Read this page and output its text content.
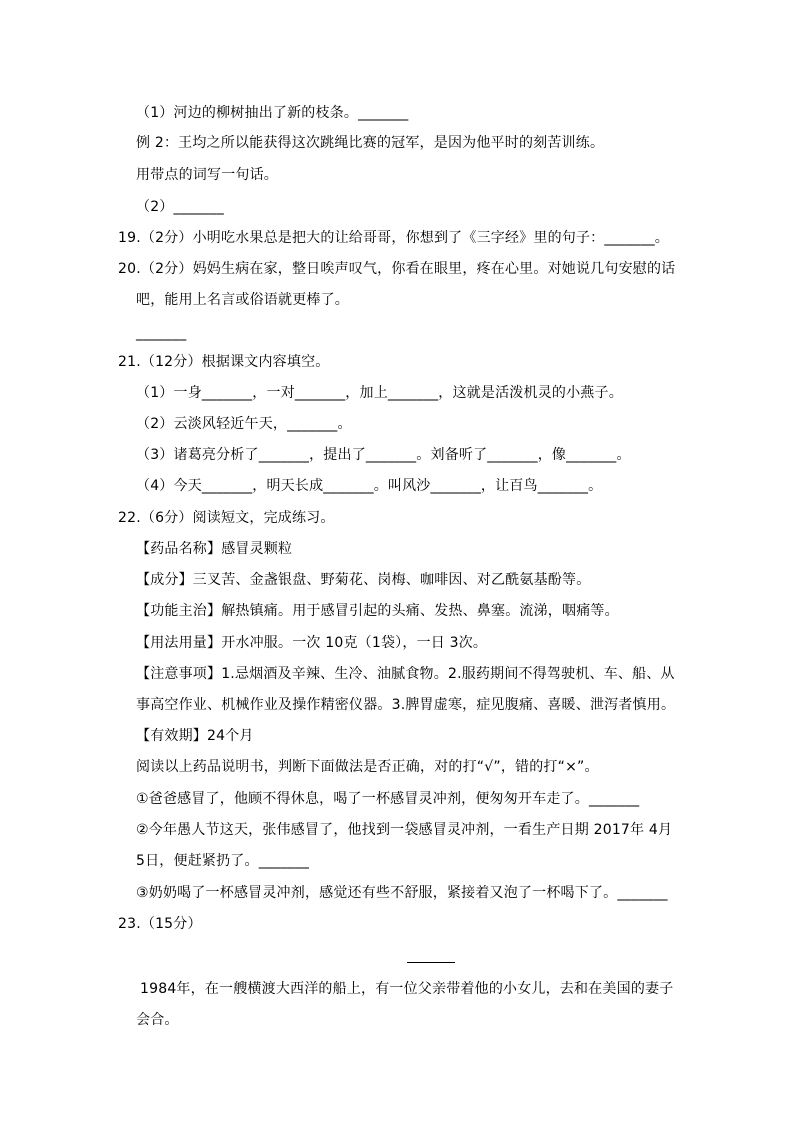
（1）河边的柳树抽出了新的枝条。_______
例 2：王均之所以能获得这次跳绳比赛的冠军，是因为他平时的刻苦训练。
用带点的词写一句话。
（2）_______
19.（2分）小明吃水果总是把大的让给哥哥，你想到了《三字经》里的句子：_______。
20.（2分）妈妈生病在家，整日唉声叹气，你看在眼里，疼在心里。对她说几句安慰的话
吧，能用上名言或俗语就更棒了。
_______
21.（12分）根据课文内容填空。
（1）一身_______，一对_______，加上_______，这就是活泼机灵的小燕子。
（2）云淡风轻近午天，_______。
（3）诸葛亮分析了_______，提出了_______。刘备听了_______，像_______。
（4）今天_______，明天长成_______。叫风沙_______，让百鸟_______。
22.（6分）阅读短文，完成练习。
【药品名称】感冒灵颗粒
【成分】三叉苦、金盏银盘、野菊花、岗梅、咖啡因、对乙酰氨基酚等。
【功能主治】解热镇痛。用于感冒引起的头痛、发热、鼻塞。流涕，咽痛等。
【用法用量】开水冲服。一次 10克（1袋），一日 3次。
【注意事项】1.忌烟酒及辛辣、生冷、油腻食物。2.服药期间不得驾驶机、车、船、从
事高空作业、机械作业及操作精密仪器。3.脾胃虚寒，症见腹痛、喜暖、泄泻者慎用。
【有效期】24个月
阅读以上药品说明书，判断下面做法是否正确，对的打“√”，错的打“×”。
①爸爸感冒了，他顾不得休息，喝了一杯感冒灵冲剂，便匆匆开车走了。_______
②今年愚人节这天，张伟感冒了，他找到一袋感冒灵冲剂，一看生产日期 2017年 4月
5日，便赶紧扔了。_______
③奶奶喝了一杯感冒灵冲剂，感觉还有些不舒服，紧接着又泡了一杯喝下了。_______
23.（15分）
1984年，在一艘横渡大西洋的船上，有一位父亲带着他的小女儿，去和在美国的妻子
会合。
